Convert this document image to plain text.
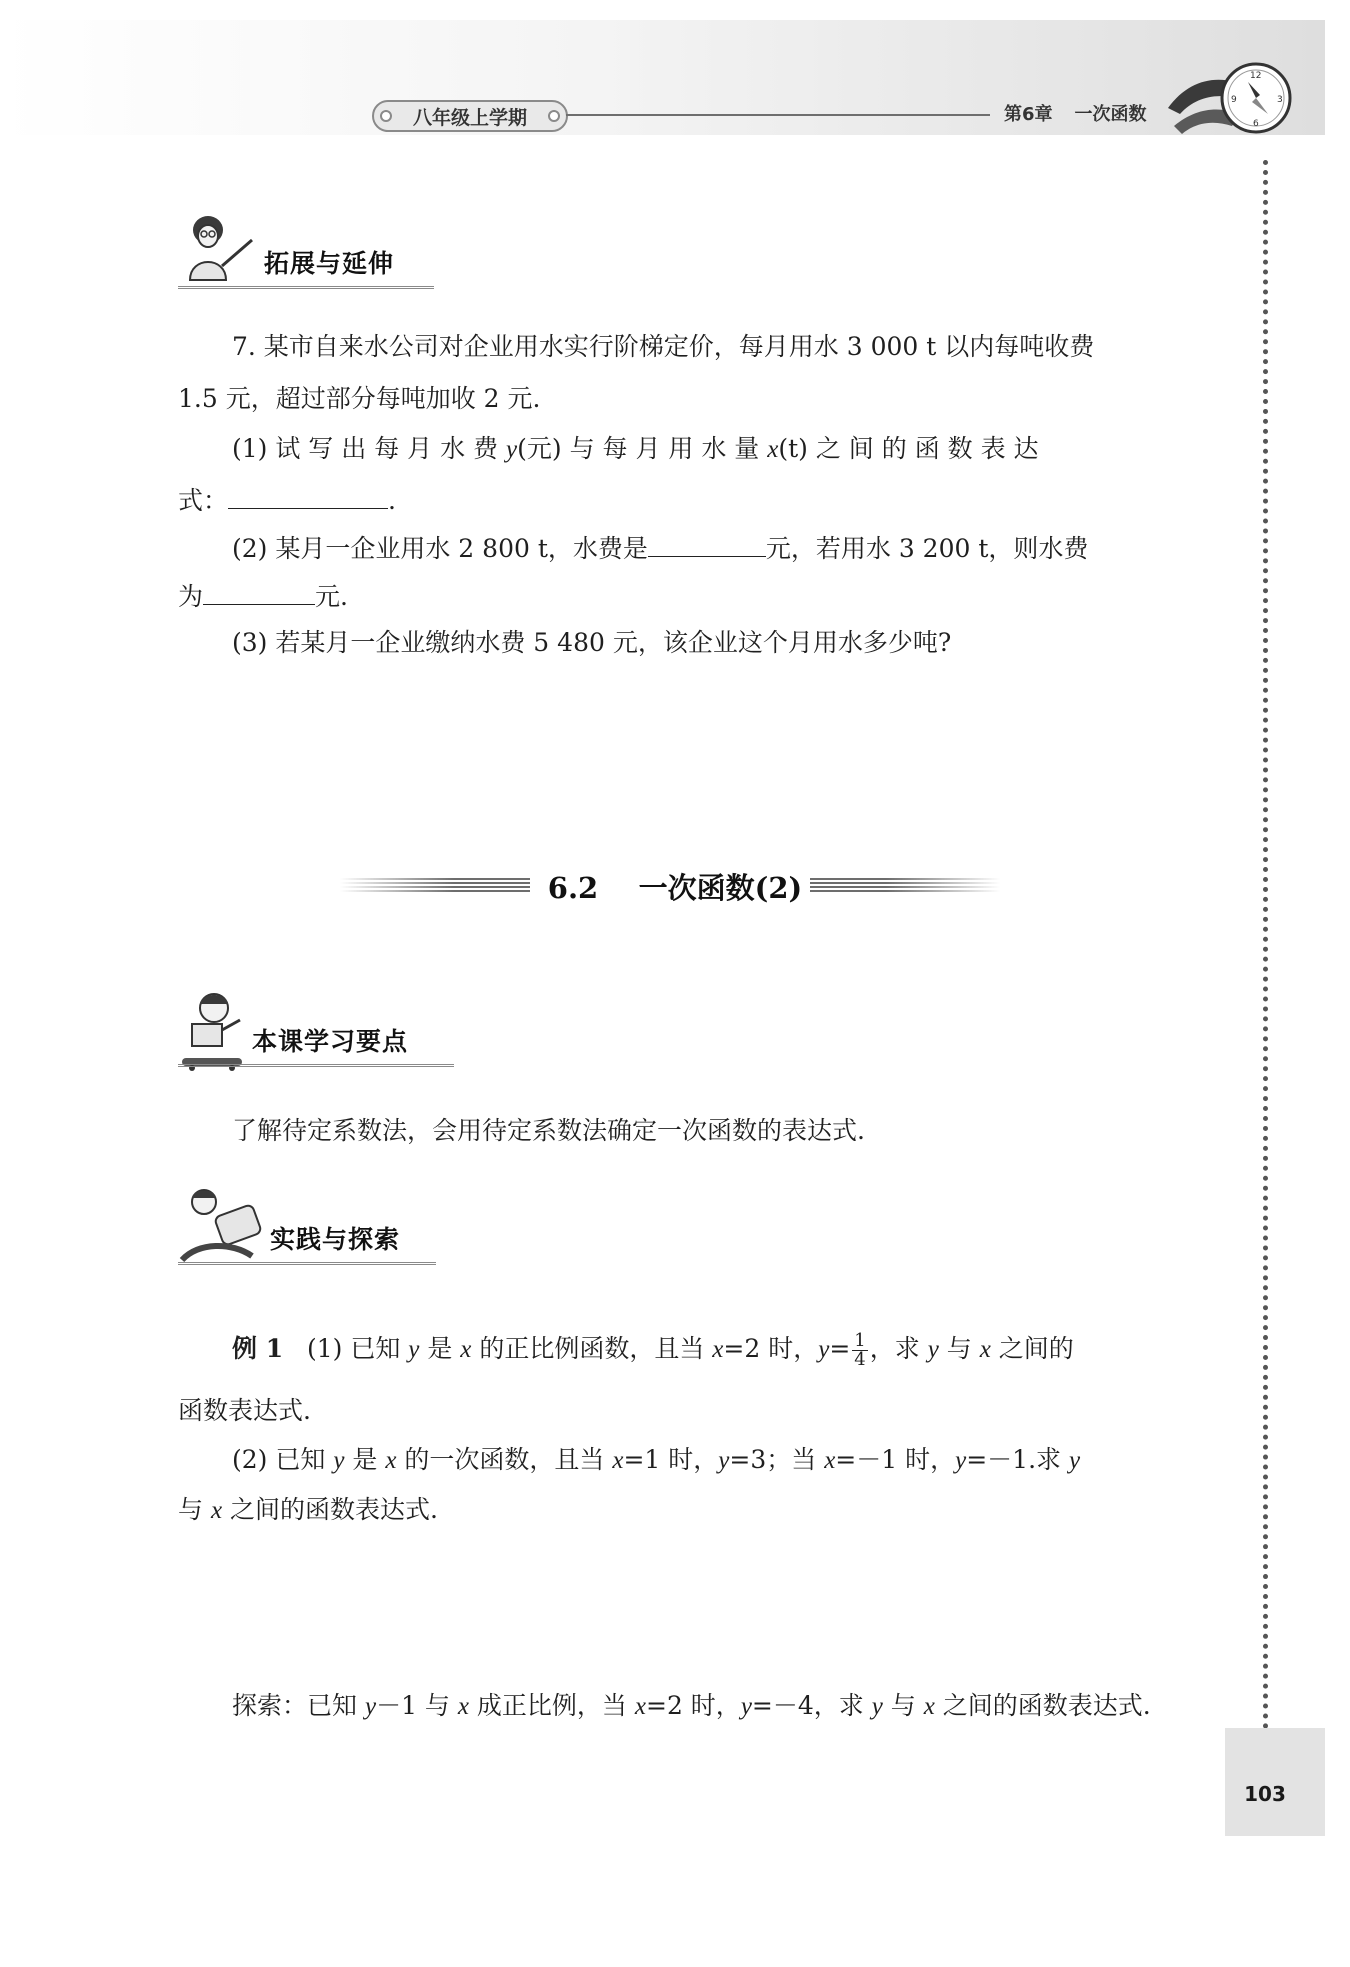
八年级上学期	第6章 一次函数
12
3
6
9
103
拓展与延伸
7. 某市自来水公司对企业用水实行阶梯定价，每月用水 3 000 t 以内每吨收费
1.5 元，超过部分每吨加收 2 元.
(1) 试 写 出 每 月 水 费 y(元) 与 每 月 用 水 量 x(t) 之 间 的 函 数 表 达
式：	.
(2) 某月一企业用水 2 800 t，水费是	元，若用水 3 200 t，则水费
为	元.
(3) 若某月一企业缴纳水费 5 480 元，该企业这个月用水多少吨?
6.2 一次函数(2)
本课学习要点
了解待定系数法，会用待定系数法确定一次函数的表达式.
实践与探索
例 1 (1) 已知 y 是 x 的正比例函数，且当 x=2 时，$y= \frac{1}{4}$ ，求 y 与 x 之间的
函数表达式.
(2) 已知 y 是 x 的一次函数，且当 x=1 时，y=3；当 x=－1 时，y=－1.求 y
与 x 之间的函数表达式.
探索：已知 y－1 与 x 成正比例，当 x=2 时，y=－4，求 y 与 x 之间的函数表达式.
